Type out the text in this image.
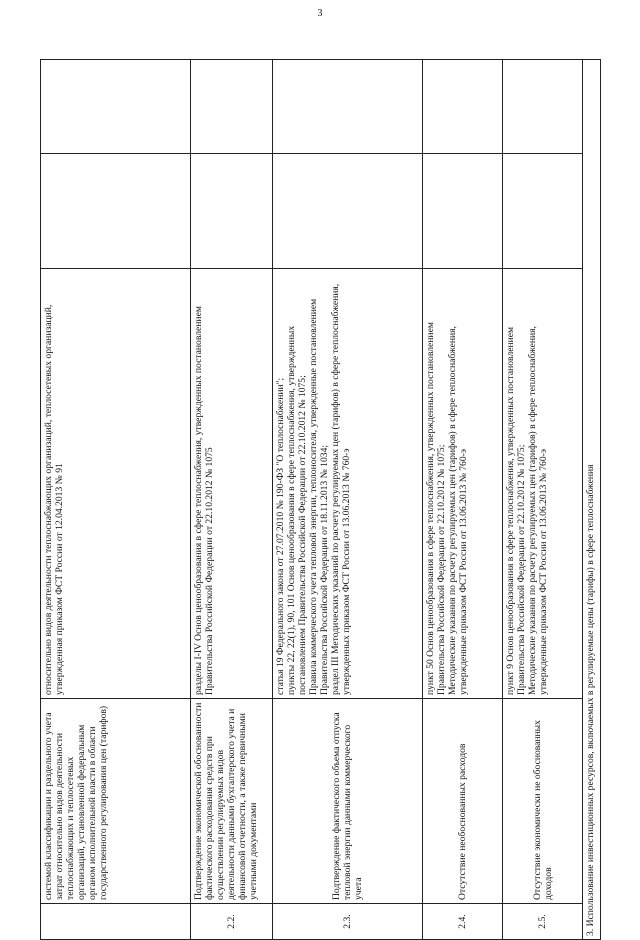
3
	системой классификации и раздельного учета затрат относительно видов деятельности теплоснабжающих и теплосетевых организаций, установленной федеральным органом исполнительной власти в области государственного регулирования цен (тарифов)	относительно видов деятельности теплоснабжающих организаций, теплосетевых организаций, утвержденная приказом ФСТ России от 12.04.2013 № 91		

2.2.	Подтверждение экономической обоснованности фактического расходования средств при осуществлении регулируемых видов деятельности данными бухгалтерского учета и финансовой отчетности, а также первичными учетными документами	разделы I-IV Основ ценообразования в сфере теплоснабжения, утвержденных постановлением Правительства Российской Федерации от 22.10.2012 № 1075		

2.3.	Подтверждение фактического объема отпуска тепловой энергии данными коммерческого учета	статья 19 Федерального закона от 27.07.2010 № 190-ФЗ "О теплоснабжении"; пункты 22, 22(1), 90, 101 Основ ценообразования в сфере теплоснабжения, утвержденных постановлением Правительства Российской Федерации от 22.10.2012 № 1075; Правила коммерческого учета тепловой энергии, теплоносителя, утвержденные постановлением Правительства Российской Федерации от 18.11.2013 № 1034; раздел III Методических указаний по расчету регулируемых цен (тарифов) в сфере теплоснабжения, утвержденных приказом ФСТ России от 13.06.2013 № 760-э		

2.4.	Отсутствие необоснованных расходов	пункт 50 Основ ценообразования в сфере теплоснабжения, утвержденных постановлением Правительства Российской Федерации от 22.10.2012 № 1075; Методические указания по расчету регулируемых цен (тарифов) в сфере теплоснабжения, утвержденные приказом ФСТ России от 13.06.2013 № 760-э		

2.5.	Отсутствие экономически не обоснованных доходов	пункт 9 Основ ценообразования в сфере теплоснабжения, утвержденных постановлением Правительства Российской Федерации от 22.10.2012 № 1075; Методические указания по расчету регулируемых цен (тарифов) в сфере теплоснабжения, утвержденные приказом ФСТ России от 13.06.2013 № 760-э		

3. Использование инвестиционных ресурсов, включаемых в регулируемые цены (тарифы) в сфере теплоснабжения				
